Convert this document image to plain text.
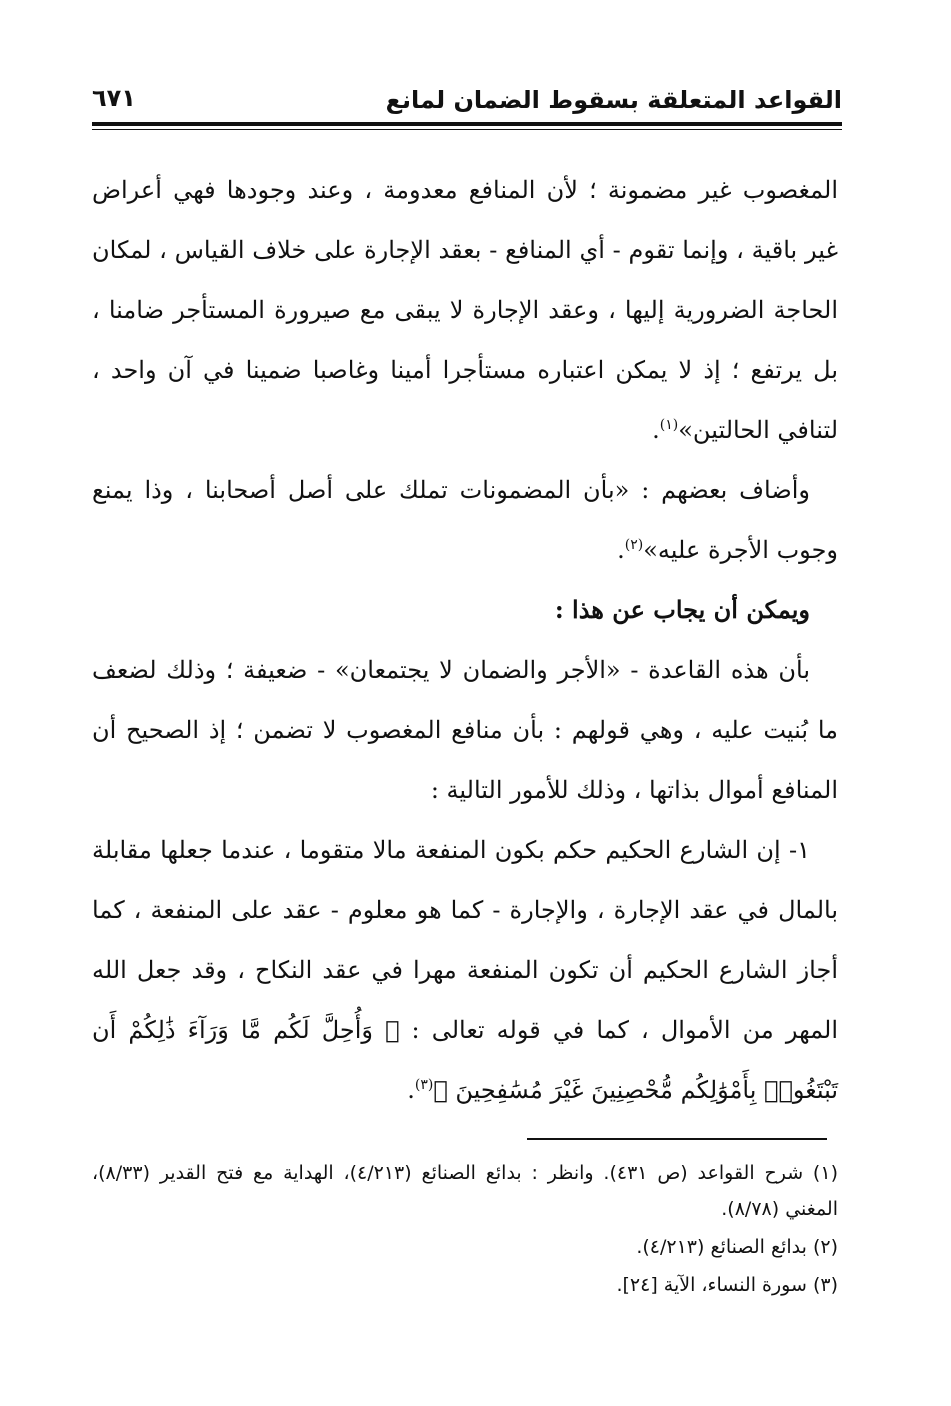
القواعد المتعلقة بسقوط الضمان لمانع
٦٧١

المغصوب غير مضمونة ؛ لأن المنافع معدومة ، وعند وجودها فهي أعراض غير باقية ، وإنما تقوم - أي المنافع - بعقد الإجارة على خلاف القياس ، لمكان الحاجة الضرورية إليها ، وعقد الإجارة لا يبقى مع صيرورة المستأجر ضامنا ، بل يرتفع ؛ إذ لا يمكن اعتباره مستأجرا أمينا وغاصبا ضمينا في آن واحد ، لتنافي الحالتين»$^{(١)}$.

وأضاف بعضهم : «بأن المضمونات تملك على أصل أصحابنا ، وذا يمنع وجوب الأجرة عليه»$^{(٢)}$.

ويمكن أن يجاب عن هذا :

بأن هذه القاعدة - «الأجر والضمان لا يجتمعان» - ضعيفة ؛ وذلك لضعف ما بُنيت عليه ، وهي قولهم : بأن منافع المغصوب لا تضمن ؛ إذ الصحيح أن المنافع أموال بذاتها ، وذلك للأمور التالية :

١- إن الشارع الحكيم حكم بكون المنفعة مالا متقوما ، عندما جعلها مقابلة بالمال في عقد الإجارة ، والإجارة - كما هو معلوم - عقد على المنفعة ، كما أجاز الشارع الحكيم أن تكون المنفعة مهرا في عقد النكاح ، وقد جعل الله المهر من الأموال ، كما في قوله تعالى : ﴿ وَأُحِلَّ لَكُم مَّا وَرَآءَ ذَٰلِكُمْ أَن تَبْتَغُوا۟ بِأَمْوَٰلِكُم مُّحْصِنِينَ غَيْرَ مُسَٰفِحِينَ ﴾$^{(٣)}$.

(١) شرح القواعد (ص ٤٣١). وانظر : بدائع الصنائع (٤/٢١٣)، الهداية مع فتح القدير (٨/٣٣)، المغني (٨/٧٨).

(٢) بدائع الصنائع (٤/٢١٣).

(٣) سورة النساء، الآية [٢٤].
